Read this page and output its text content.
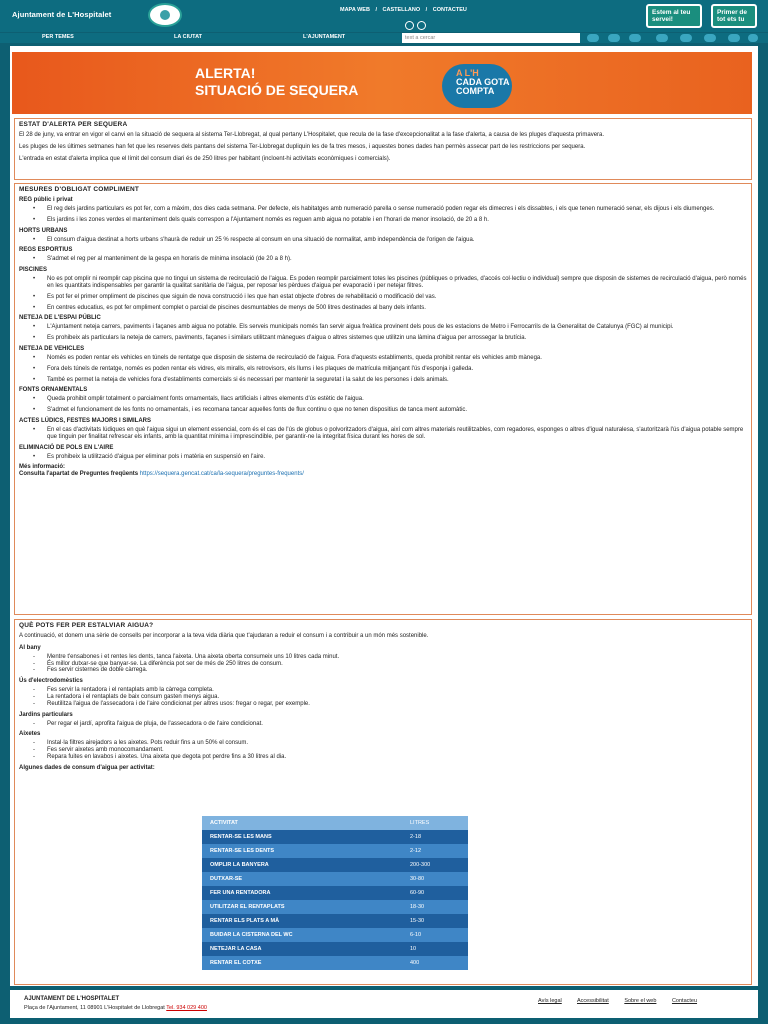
Ajuntament de L'Hospitalet	MAPA WEB / CASTELLANO / CONTACTEU	Estem al teu servei!
Primer de tot ets tu
PER TEMES	LA CIUTAT	L'AJUNTAMENT	text a cercar
ALERTA!
SITUACIÓ DE SEQUERA
A L'H
CADA GOTA
COMPTA
ESTAT D'ALERTA PER SEQUERA

El 28 de juny, va entrar en vigor el canvi en la situació de sequera al sistema Ter-Llobregat, al qual pertany L'Hospitalet, que recula de la fase d'excepcionalitat a la fase d'alerta, a causa de les pluges d'aquesta primavera.

Les pluges de les últimes setmanes han fet que les reserves dels pantans del sistema Ter-Llobregat dupliquin les de fa tres mesos, i aquestes bones dades han permès assecar part de les restriccions per sequera.

L'entrada en estat d'alerta implica que el límit del consum diari és de 250 litres per habitant (incloent-hi activitats econòmiques i comercials).

MESURES D'OBLIGAT COMPLIMENT
REG públic i privat
• El reg dels jardins particulars es pot fer, com a màxim, dos dies cada setmana. Per defecte, els habitatges amb numeració parella o sense numeració poden regar els dimecres i els dissabtes, i els que tenen numeració senar, els dijous i els diumenges.
• Els jardins i les zones verdes el manteniment dels quals correspon a l'Ajuntament només es reguen amb aigua no potable i en l'horari de menor insolació, de 20 a 8 h.
HORTS URBANS
• El consum d'aigua destinat a horts urbans s'haurà de reduir un 25 % respecte al consum en una situació de normalitat, amb independència de l'origen de l'aigua.
REGS ESPORTIUS
• S'admet el reg per al manteniment de la gespa en horaris de mínima insolació (de 20 a 8 h).
PISCINES
• No es pot omplir ni reomplir cap piscina que no tingui un sistema de recirculació de l'aigua. Es poden reomplir parcialment totes les piscines (públiques o privades, d'accés col·lectiu o individual) sempre que disposin de sistemes de recirculació d'aigua, però només en les quantitats indispensables per garantir la qualitat sanitària de l'aigua, per reposar les pèrdues d'aigua per evaporació i per netejar filtres.
• Es pot fer el primer ompliment de piscines que siguin de nova construcció i les que han estat objecte d'obres de rehabilitació o modificació del vas.
• En centres educatius, es pot fer ompliment complet o parcial de piscines desmuntables de menys de 500 litres destinades al bany dels infants.
NETEJA DE L'ESPAI PÚBLIC
• L'Ajuntament neteja carrers, paviments i façanes amb aigua no potable. Els serveis municipals només fan servir aigua freàtica provinent dels pous de les estacions de Metro i Ferrocarrils de la Generalitat de Catalunya (FGC) al municipi.
• Es prohibeix als particulars la neteja de carrers, paviments, façanes i similars utilitzant mànegues d'aigua o altres sistemes que utilitzin una làmina d'aigua per arrossegar la brutícia.
NETEJA DE VEHICLES
• Només es poden rentar els vehicles en túnels de rentatge que disposin de sistema de recirculació de l'aigua. Fora d'aquests establiments, queda prohibit rentar els vehicles amb mànega.
• Fora dels túnels de rentatge, només es poden rentar els vidres, els miralls, els retrovisors, els llums i les plaques de matrícula mitjançant l'ús d'esponja i galleda.
• També es permet la neteja de vehicles fora d'establiments comercials si és necessari per mantenir la seguretat i la salut de les persones i dels animals.
FONTS ORNAMENTALS
• Queda prohibit omplir totalment o parcialment fonts ornamentals, llacs artificials i altres elements d'ús estètic de l'aigua.
• S'admet el funcionament de les fonts no ornamentals, i es recomana tancar aquelles fonts de flux continu o que no tenen dispositius de tanca ment automàtic.
ACTES LÚDICS, FESTES MAJORS I SIMILARS
• En el cas d'activitats lúdiques en què l'aigua sigui un element essencial, com és el cas de l'ús de globus o polvoritzadors d'aigua, així com altres materials reutilitzables, com regadores, esponges o altres d'igual naturalesa, s'autoritzarà l'ús d'aigua potable sempre que tinguin per finalitat refrescar els infants, amb la quantitat mínima i imprescindible, per garantir-ne la integritat física durant les hores de sol.
ELIMINACIÓ DE POLS EN L'AIRE
• Es prohibeix la utilització d'aigua per eliminar pols i matèria en suspensió en l'aire.

Més informació:

Consulta l'apartat de Preguntes freqüents https://sequera.gencat.cat/ca/la-sequera/preguntes-frequents/

QUÈ POTS FER PER ESTALVIAR AIGUA?

A continuació, et donem una sèrie de consells per incorporar a la teva vida diària que t'ajudaran a reduir el consum i a contribuir a un món més sostenible.

Al bany
- Mentre t'ensabones i et rentes les dents, tanca l'aixeta. Una aixeta oberta consumeix uns 10 litres cada minut.
- És millor dutxar-se que banyar-se. La diferència pot ser de més de 250 litres de consum.
- Fes servir cisternes de doble càrrega.
Ús d'electrodomèstics
- Fes servir la rentadora i el rentaplats amb la càrrega completa.
- La rentadora i el rentaplats de baix consum gasten menys aigua.
- Reutilitza l'aigua de l'assecadora i de l'aire condicionat per altres usos: fregar o regar, per exemple.
Jardins particulars
- Per regar el jardí, aprofita l'aigua de pluja, de l'assecadora o de l'aire condicionat.
Aixetes
- Instal·la filtres airejadors a les aixetes. Pots reduir fins a un 50% el consum.
- Fes servir aixetes amb monocomandament.
- Repara fuites en lavabos i aixetes. Una aixeta que degota pot perdre fins a 30 litres al dia.
Algunes dades de consum d'aigua per activitat:
ACTIVITAT	LITRES
RENTAR-SE LES MANS	2-18
RENTAR-SE LES DENTS	2-12
OMPLIR LA BANYERA	200-300
DUTXAR-SE	30-80
FER UNA RENTADORA	60-90
UTILITZAR EL RENTAPLATS	18-30
RENTAR ELS PLATS A MÀ	15-30
BUIDAR LA CISTERNA DEL WC	6-10
NETEJAR LA CASA	10
RENTAR EL COTXE	400
AJUNTAMENT DE L'HOSPITALET
Plaça de l'Ajuntament, 11 08901 L'Hospitalet de Llobregat Tel. 934 029 400
Avís legal	Accessibilitat	Sobre el web	Contacteu
